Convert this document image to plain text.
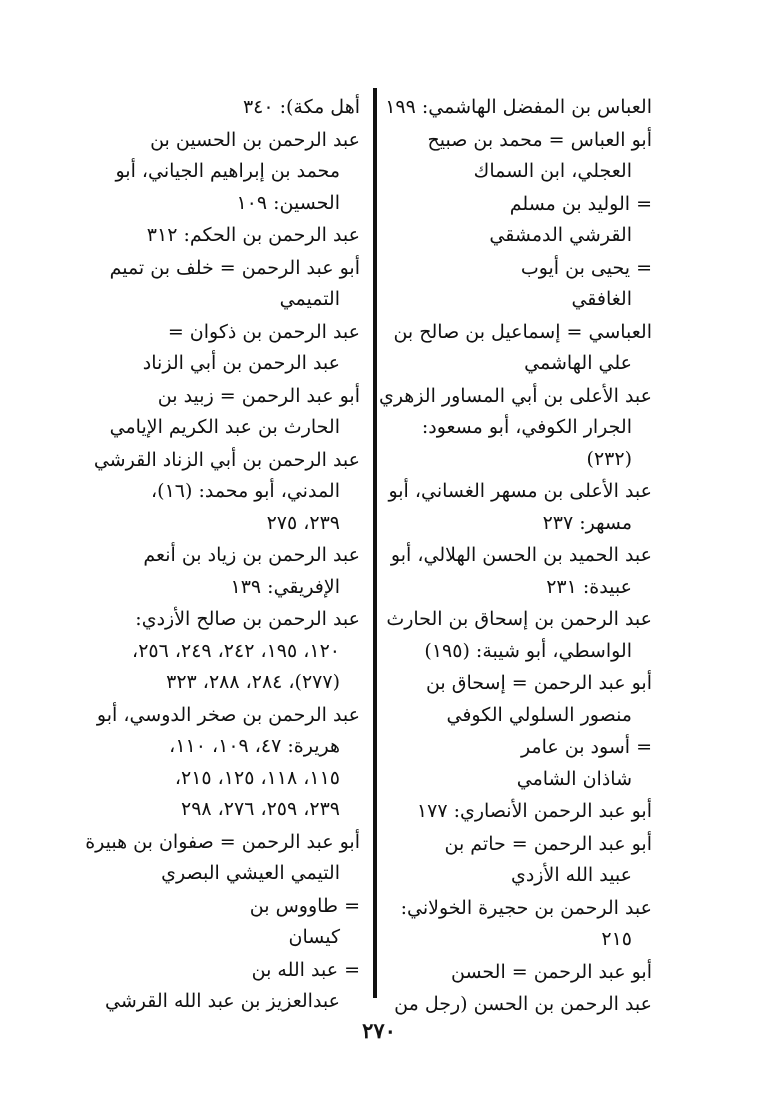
العباس بن المفضل الهاشمي: ١٩٩
أبو العباس = محمد بن صبيح
العجلي، ابن السماك
= الوليد بن مسلم
القرشي الدمشقي
= يحيى بن أيوب
الغافقي
العباسي = إسماعيل بن صالح بن
علي الهاشمي
عبد الأعلى بن أبي المساور الزهري
الجرار الكوفي، أبو مسعود:
(٢٣٢)
عبد الأعلى بن مسهر الغساني، أبو
مسهر: ٢٣٧
عبد الحميد بن الحسن الهلالي، أبو
عبيدة: ٢٣١
عبد الرحمن بن إسحاق بن الحارث
الواسطي، أبو شيبة: (١٩٥)
أبو عبد الرحمن = إسحاق بن
منصور السلولي الكوفي
= أسود بن عامر
شاذان الشامي
أبو عبد الرحمن الأنصاري: ١٧٧
أبو عبد الرحمن = حاتم بن
عبيد الله الأزدي
عبد الرحمن بن حجيرة الخولاني:
٢١٥
أبو عبد الرحمن = الحسن
عبد الرحمن بن الحسن (رجل من
أهل مكة): ٣٤٠
عبد الرحمن بن الحسين بن
محمد بن إبراهيم الجياني، أبو
الحسين: ١٠٩
عبد الرحمن بن الحكم: ٣١٢
أبو عبد الرحمن = خلف بن تميم
التميمي
عبد الرحمن بن ذكوان =
عبد الرحمن بن أبي الزناد
أبو عبد الرحمن = زبيد بن
الحارث بن عبد الكريم الإيامي
عبد الرحمن بن أبي الزناد القرشي
المدني، أبو محمد: (١٦)،
٢٣٩، ٢٧٥
عبد الرحمن بن زياد بن أنعم
الإفريقي: ١٣٩
عبد الرحمن بن صالح الأزدي:
١٢٠، ١٩٥، ٢٤٢، ٢٤٩، ٢٥٦،
(٢٧٧)، ٢٨٤، ٢٨٨، ٣٢٣
عبد الرحمن بن صخر الدوسي، أبو
هريرة: ٤٧، ١٠٩، ١١٠،
١١٥، ١١٨، ١٢٥، ٢١٥،
٢٣٩، ٢٥٩، ٢٧٦، ٢٩٨
أبو عبد الرحمن = صفوان بن هبيرة
التيمي العيشي البصري
= طاووس بن
كيسان
= عبد الله بن
عبدالعزيز بن عبد الله القرشي
٢٧٠
